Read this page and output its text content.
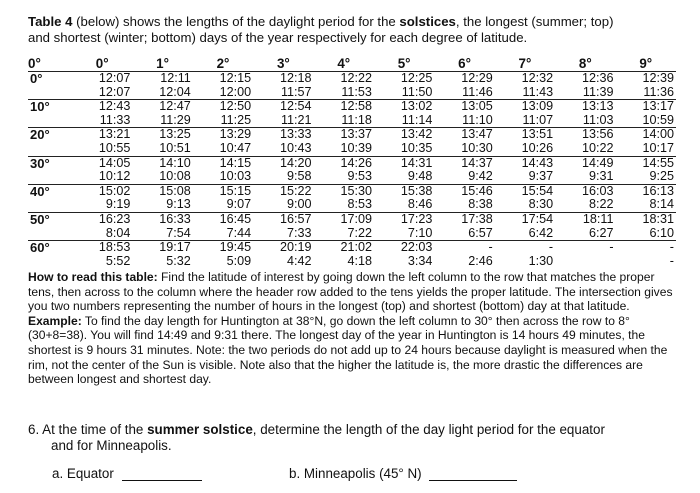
Table 4 (below) shows the lengths of the daylight period for the solstices, the longest (summer; top)
and shortest (winter; bottom) days of the year respectively for each degree of latitude.
0°	0°	1°	2°	3°	4°	5°	6°	7°	8°	9°
0°	12:07	12:11	12:15	12:18	12:22	12:25	12:29	12:32	12:36	12:39
	12:07	12:04	12:00	11:57	11:53	11:50	11:46	11:43	11:39	11:36
10°	12:43	12:47	12:50	12:54	12:58	13:02	13:05	13:09	13:13	13:17
	11:33	11:29	11:25	11:21	11:18	11:14	11:10	11:07	11:03	10:59
20°	13:21	13:25	13:29	13:33	13:37	13:42	13:47	13:51	13:56	14:00
	10:55	10:51	10:47	10:43	10:39	10:35	10:30	10:26	10:22	10:17
30°	14:05	14:10	14:15	14:20	14:26	14:31	14:37	14:43	14:49	14:55
	10:12	10:08	10:03	9:58	9:53	9:48	9:42	9:37	9:31	9:25
40°	15:02	15:08	15:15	15:22	15:30	15:38	15:46	15:54	16:03	16:13
	9:19	9:13	9:07	9:00	8:53	8:46	8:38	8:30	8:22	8:14
50°	16:23	16:33	16:45	16:57	17:09	17:23	17:38	17:54	18:11	18:31
	8:04	7:54	7:44	7:33	7:22	7:10	6:57	6:42	6:27	6:10
60°	18:53	19:17	19:45	20:19	21:02	22:03	-	-	-	-
	5:52	5:32	5:09	4:42	4:18	3:34	2:46	1:30		-
How to read this table: Find the latitude of interest by going down the left column to the row that matches the proper tens, then across to the column where the header row added to the tens yields the proper latitude. The intersection gives you two numbers representing the number of hours in the longest (top) and shortest (bottom) day at that latitude. Example: To find the day length for Huntington at 38°N, go down the left column to 30° then across the row to 8° (30+8=38). You will find 14:49 and 9:31 there. The longest day of the year in Huntington is 14 hours 49 minutes, the shortest is 9 hours 31 minutes. Note: the two periods do not add up to 24 hours because daylight is measured when the rim, not the center of the Sun is visible. Note also that the higher the latitude is, the more drastic the differences are between longest and shortest day.
6. At the time of the summer solstice, determine the length of the day light period for the equator
and for Minneapolis.
a. Equator	b. Minneapolis (45° N)
